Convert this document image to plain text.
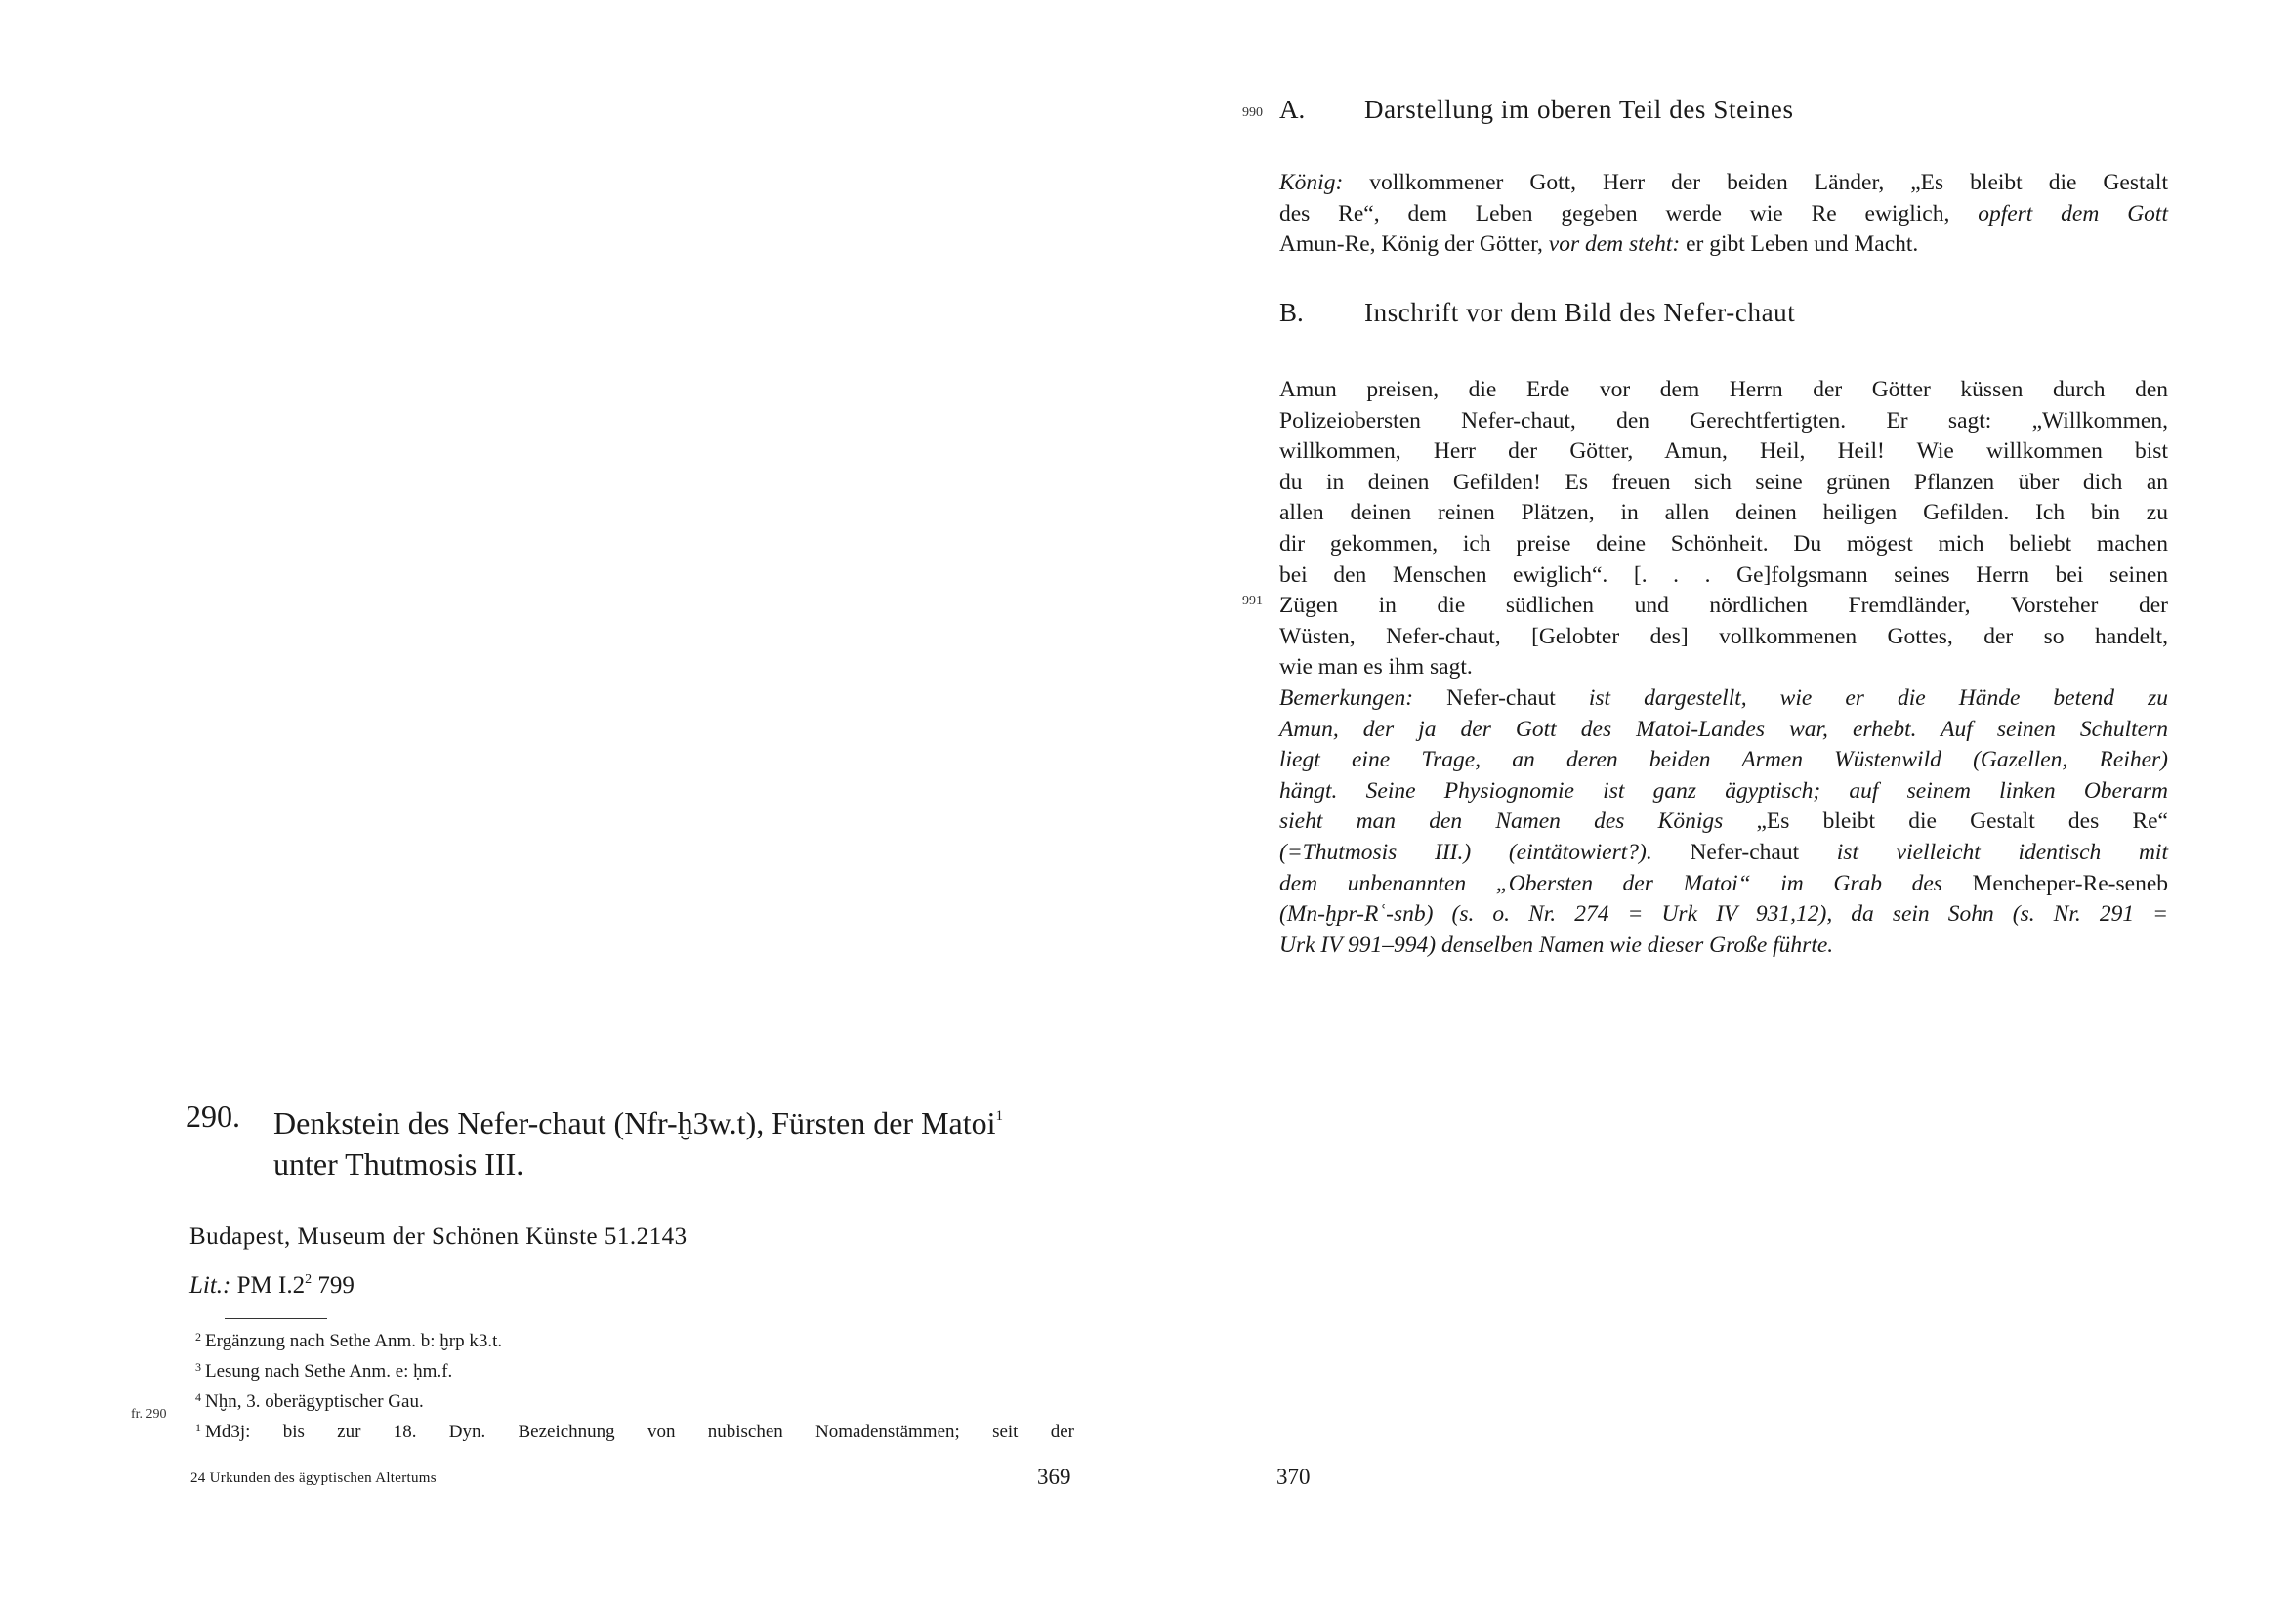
290. Denkstein des Nefer-chaut (Nfr-ḫ3w.t), Fürsten der Matoi$^1$
unter Thutmosis III.
Budapest, Museum der Schönen Künste 51.2143
Lit.: PM $I.2^2$ 799
$^2$ Ergänzung nach Sethe Anm. b: ḫrp k3.t.
$^3$ Lesung nach Sethe Anm. e: ḥm.f.
$^4$ Nḫn, 3. oberägyptischer Gau.
$^1$ Md3j: bis zur 18. Dyn. Bezeichnung von nubischen Nomadenstämmen; seit der
fr. 290
24 Urkunden des ägyptischen Altertums	369
990 A. Darstellung im oberen Teil des Steines
König: vollkommener Gott, Herr der beiden Länder, „Es bleibt die Gestalt
des Re“, dem Leben gegeben werde wie Re ewiglich, opfert dem Gott
Amun-Re, König der Götter, vor dem steht: er gibt Leben und Macht.
B. Inschrift vor dem Bild des Nefer-chaut
991
Amun preisen, die Erde vor dem Herrn der Götter küssen durch den
Polizeiobersten Nefer-chaut, den Gerechtfertigten. Er sagt: „Willkommen,
willkommen, Herr der Götter, Amun, Heil, Heil! Wie willkommen bist
du in deinen Gefilden! Es freuen sich seine grünen Pflanzen über dich an
allen deinen reinen Plätzen, in allen deinen heiligen Gefilden. Ich bin zu
dir gekommen, ich preise deine Schönheit. Du mögest mich beliebt machen
bei den Menschen ewiglich“. [. . . Ge]folgsmann seines Herrn bei seinen
Zügen in die südlichen und nördlichen Fremdländer, Vorsteher der
Wüsten, Nefer-chaut, [Gelobter des] vollkommenen Gottes, der so handelt,
wie man es ihm sagt.
Bemerkungen: Nefer-chaut ist dargestellt, wie er die Hände betend zu
Amun, der ja der Gott des Matoi-Landes war, erhebt. Auf seinen Schultern
liegt eine Trage, an deren beiden Armen Wüstenwild (Gazellen, Reiher)
hängt. Seine Physiognomie ist ganz ägyptisch; auf seinem linken Oberarm
sieht man den Namen des Königs „Es bleibt die Gestalt des Re“
(=Thutmosis III.) (eintätowiert?). Nefer-chaut ist vielleicht identisch mit
dem unbenannten „Obersten der Matoi“ im Grab des Mencheper-Re-seneb
(Mn-ḫpr-Rʿ-snb) (s. o. Nr. 274 = Urk IV 931,12), da sein Sohn (s. Nr. 291 =
Urk IV 991–994) denselben Namen wie dieser Große führte.
370
